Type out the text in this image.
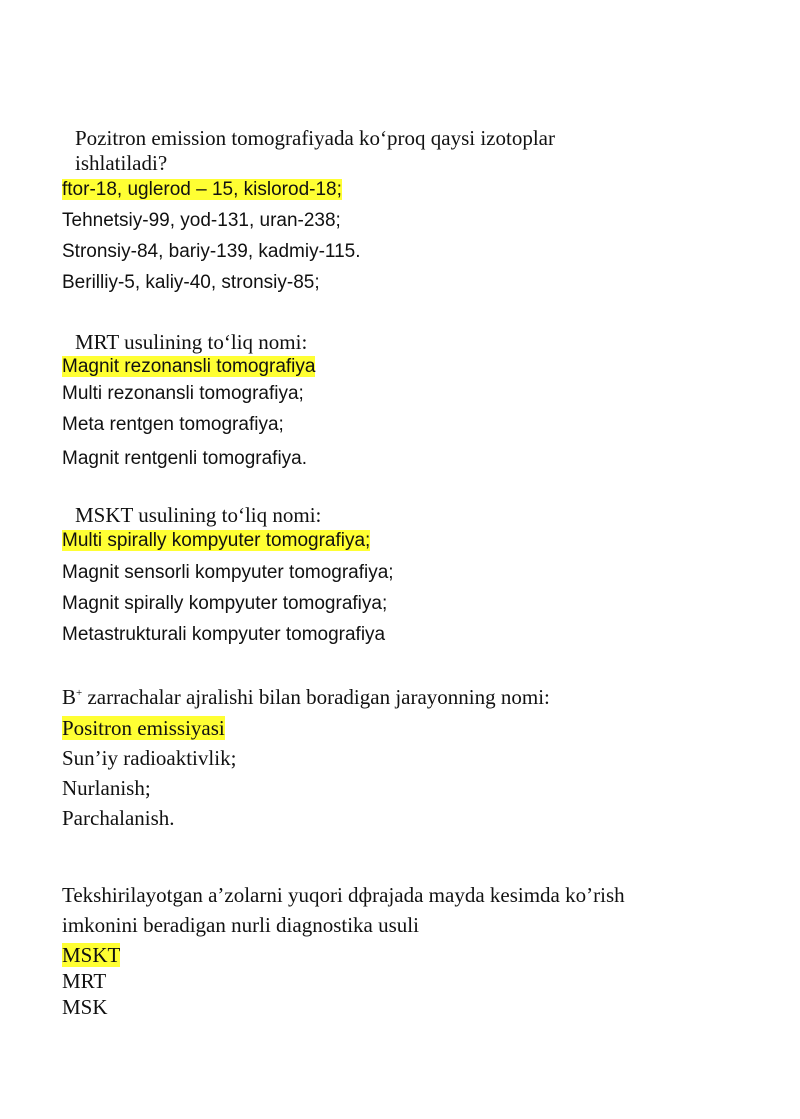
Pozitron emission tomografiyada ko‘proq qaysi izotoplar
ishlatiladi?
ftor-18, uglerod – 15, kislorod-18;
Tehnetsiy-99, yod-131, uran-238;
Stronsiy-84, bariy-139, kadmiy-115.
Berilliy-5, kaliy-40, stronsiy-85;
MRT usulining to‘liq nomi:
Magnit rezonansli tomografiya
Multi rezonansli tomografiya;
Meta rentgen tomografiya;
Magnit rentgenli tomografiya.
MSKT usulining to‘liq nomi:
Multi spirally kompyuter tomografiya;
Magnit sensorli kompyuter tomografiya;
Magnit spirally kompyuter tomografiya;
Metastrukturali kompyuter tomografiya
B+ zarrachalar ajralishi bilan boradigan jarayonning nomi:
Positron emissiyasi
Sun’iy radioaktivlik;
Nurlanish;
Parchalanish.
Tekshirilayotgan a’zolarni yuqori dфrajada mayda kesimda ko’rish
imkonini beradigan nurli diagnostika usuli
MSKT
MRT
MSK
